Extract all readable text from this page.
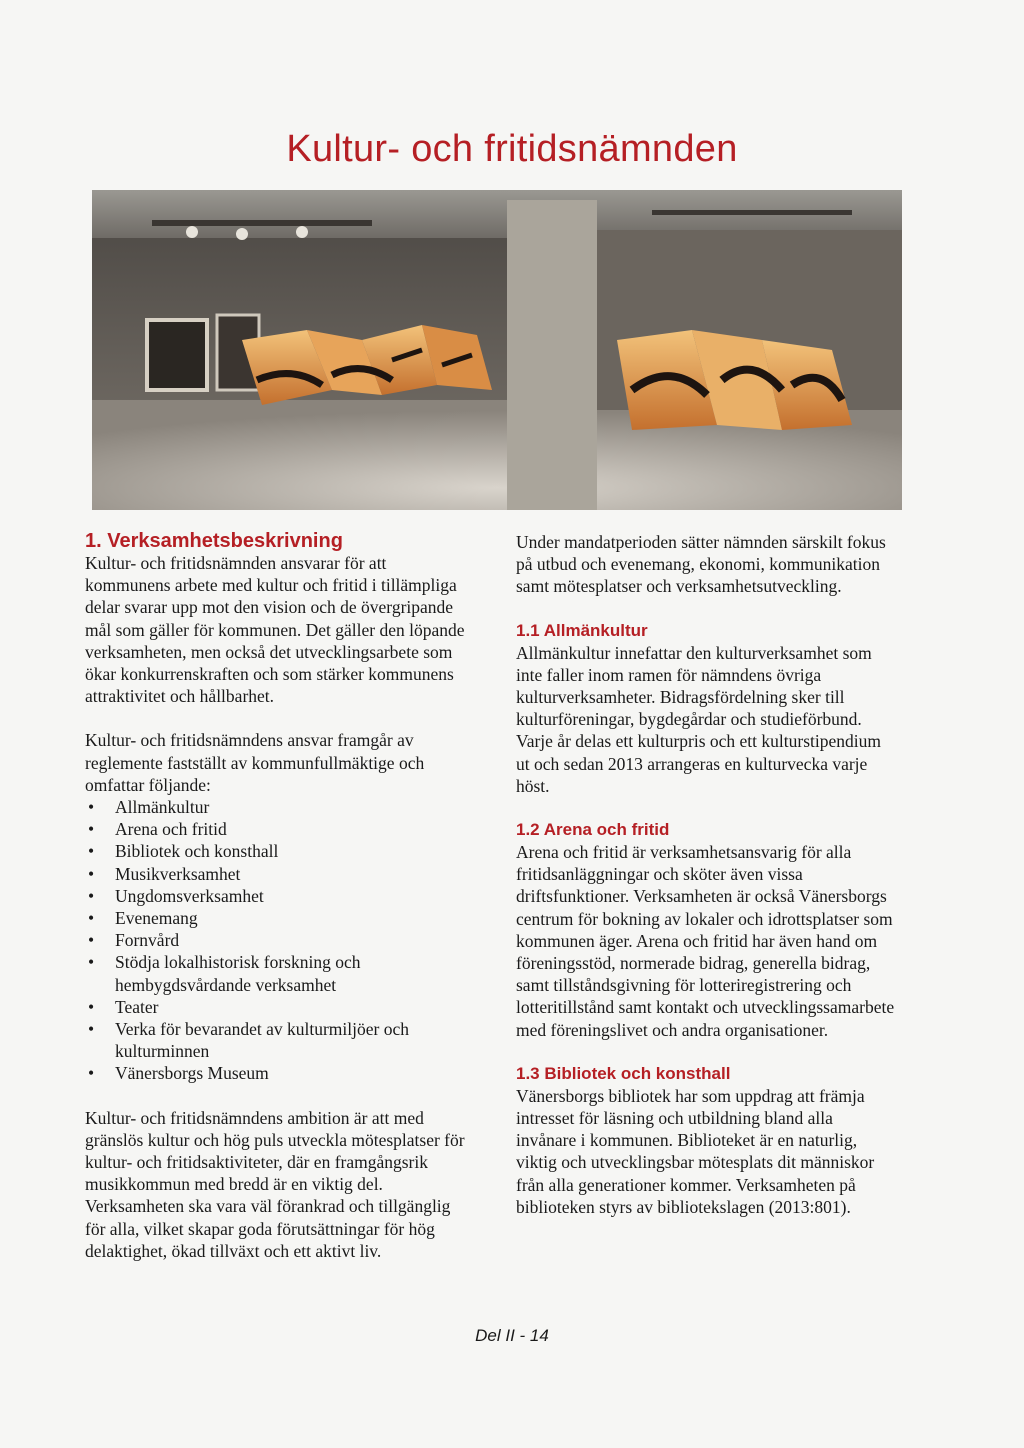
Kultur- och fritidsnämnden
1. Verksamhetsbeskrivning

Kultur- och fritidsnämnden ansvarar för att kommunens arbete med kultur och fritid i tillämpliga delar svarar upp mot den vision och de övergripande mål som gäller för kommunen. Det gäller den löpande verksamheten, men också det utvecklingsarbete som ökar konkurrenskraften och som stärker kommunens attraktivitet och hållbarhet.

Kultur- och fritidsnämndens ansvar framgår av reglemente fastställt av kommunfullmäktige och omfattar följande:

• Allmänkultur
• Arena och fritid
• Bibliotek och konsthall
• Musikverksamhet
• Ungdomsverksamhet
• Evenemang
• Fornvård
• Stödja lokalhistorisk forskning och hembygdsvårdande verksamhet
• Teater
• Verka för bevarandet av kulturmiljöer och kulturminnen
• Vänersborgs Museum

Kultur- och fritidsnämndens ambition är att med gränslös kultur och hög puls utveckla mötesplatser för kultur- och fritidsaktiviteter, där en framgångsrik musikkommun med bredd är en viktig del. Verksamheten ska vara väl förankrad och tillgänglig för alla, vilket skapar goda förutsättningar för hög delaktighet, ökad tillväxt och ett aktivt liv.

Under mandatperioden sätter nämnden särskilt fokus på utbud och evenemang, ekonomi, kommunikation samt mötesplatser och verksamhetsutveckling.

1.1 Allmänkultur

Allmänkultur innefattar den kulturverksamhet som inte faller inom ramen för nämndens övriga kulturverksamheter. Bidragsfördelning sker till kulturföreningar, bygdegårdar och studieförbund. Varje år delas ett kulturpris och ett kulturstipendium ut och sedan 2013 arrangeras en kulturvecka varje höst.

1.2 Arena och fritid

Arena och fritid är verksamhetsansvarig för alla fritidsanläggningar och sköter även vissa driftsfunktioner. Verksamheten är också Vänersborgs centrum för bokning av lokaler och idrottsplatser som kommunen äger. Arena och fritid har även hand om föreningsstöd, normerade bidrag, generella bidrag, samt tillståndsgivning för lotteriregistrering och lotteritillstånd samt kontakt och utvecklingssamarbete med föreningslivet och andra organisationer.

1.3 Bibliotek och konsthall

Vänersborgs bibliotek har som uppdrag att främja intresset för läsning och utbildning bland alla invånare i kommunen. Biblioteket är en naturlig, viktig och utvecklingsbar mötesplats dit människor från alla generationer kommer. Verksamheten på biblioteken styrs av bibliotekslagen (2013:801).

Del II - 14
